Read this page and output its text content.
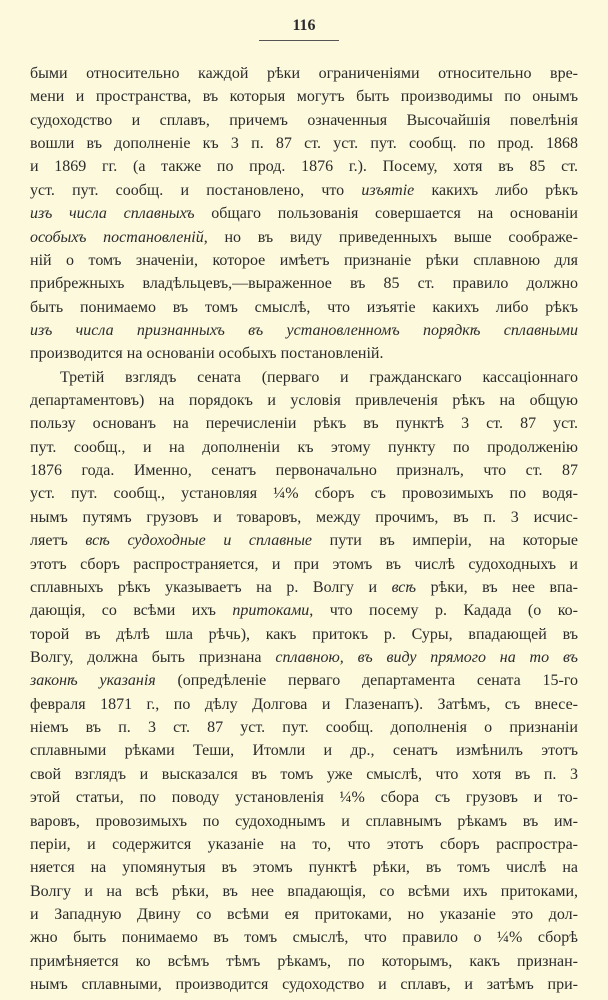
116
быми относительно каждой рѣки ограниченіями относительно вре-
мени и пространства, въ которыя могутъ быть производимы по онымъ
судоходство и сплавъ, причемъ означенныя Высочайшія повелѣнія
вошли въ дополненіе къ 3 п. 87 ст. уст. пут. сообщ. по прод. 1868
и 1869 гг. (а также по прод. 1876 г.). Посему, хотя въ 85 ст.
уст. пут. сообщ. и постановлено, что изъятіе какихъ либо рѣкъ
изъ числа сплавныхъ общаго пользованія совершается на основаніи
особыхъ постановленій, но въ виду приведенныхъ выше соображе-
ній о томъ значеніи, которое имѣетъ признаніе рѣки сплавною для
прибрежныхъ владѣльцевъ,—выраженное въ 85 ст. правило должно
быть понимаемо въ томъ смыслѣ, что изъятіе какихъ либо рѣкъ
изъ числа признанныхъ въ установленномъ порядкѣ сплавными
производится на основаніи особыхъ постановленій.
Третій взглядъ сената (перваго и гражданскаго кассаціоннаго
департаментовъ) на порядокъ и условія привлеченія рѣкъ на общую
пользу основанъ на перечисленіи рѣкъ въ пунктѣ 3 ст. 87 уст.
пут. сообщ., и на дополненіи къ этому пункту по продолженію
1876 года. Именно, сенатъ первоначально призналъ, что ст. 87
уст. пут. сообщ., установляя ¼% сборъ съ провозимыхъ по водя-
нымъ путямъ грузовъ и товаровъ, между прочимъ, въ п. 3 исчис-
ляетъ всѣ судоходные и сплавные пути въ имперіи, на которые
этотъ сборъ распространяется, и при этомъ въ числѣ судоходныхъ и
сплавныхъ рѣкъ указываетъ на р. Волгу и всѣ рѣки, въ нее впа-
дающія, со всѣми ихъ притоками, что посему р. Кадада (о ко-
торой въ дѣлѣ шла рѣчь), какъ притокъ р. Суры, впадающей въ
Волгу, должна быть признана сплавною, въ виду прямого на то въ
законѣ указанія (опредѣленіе перваго департамента сената 15-го
февраля 1871 г., по дѣлу Долгова и Глазенапъ). Затѣмъ, съ внесе-
ніемъ въ п. 3 ст. 87 уст. пут. сообщ. дополненія о признаніи
сплавными рѣками Теши, Итомли и др., сенатъ измѣнилъ этотъ
свой взглядъ и высказался въ томъ уже смыслѣ, что хотя въ п. 3
этой статьи, по поводу установленія ¼% сбора съ грузовъ и то-
варовъ, провозимыхъ по судоходнымъ и сплавнымъ рѣкамъ въ им-
періи, и содержится указаніе на то, что этотъ сборъ распростра-
няется на упомянутыя въ этомъ пунктѣ рѣки, въ томъ числѣ на
Волгу и на всѣ рѣки, въ нее впадающія, со всѣми ихъ притоками,
и Западную Двину со всѣми ея притоками, но указаніе это дол-
жно быть понимаемо въ томъ смыслѣ, что правило о ¼% сборѣ
примѣняется ко всѣмъ тѣмъ рѣкамъ, по которымъ, какъ признан-
нымъ сплавными, производится судоходство и сплавъ, и затѣмъ при-
